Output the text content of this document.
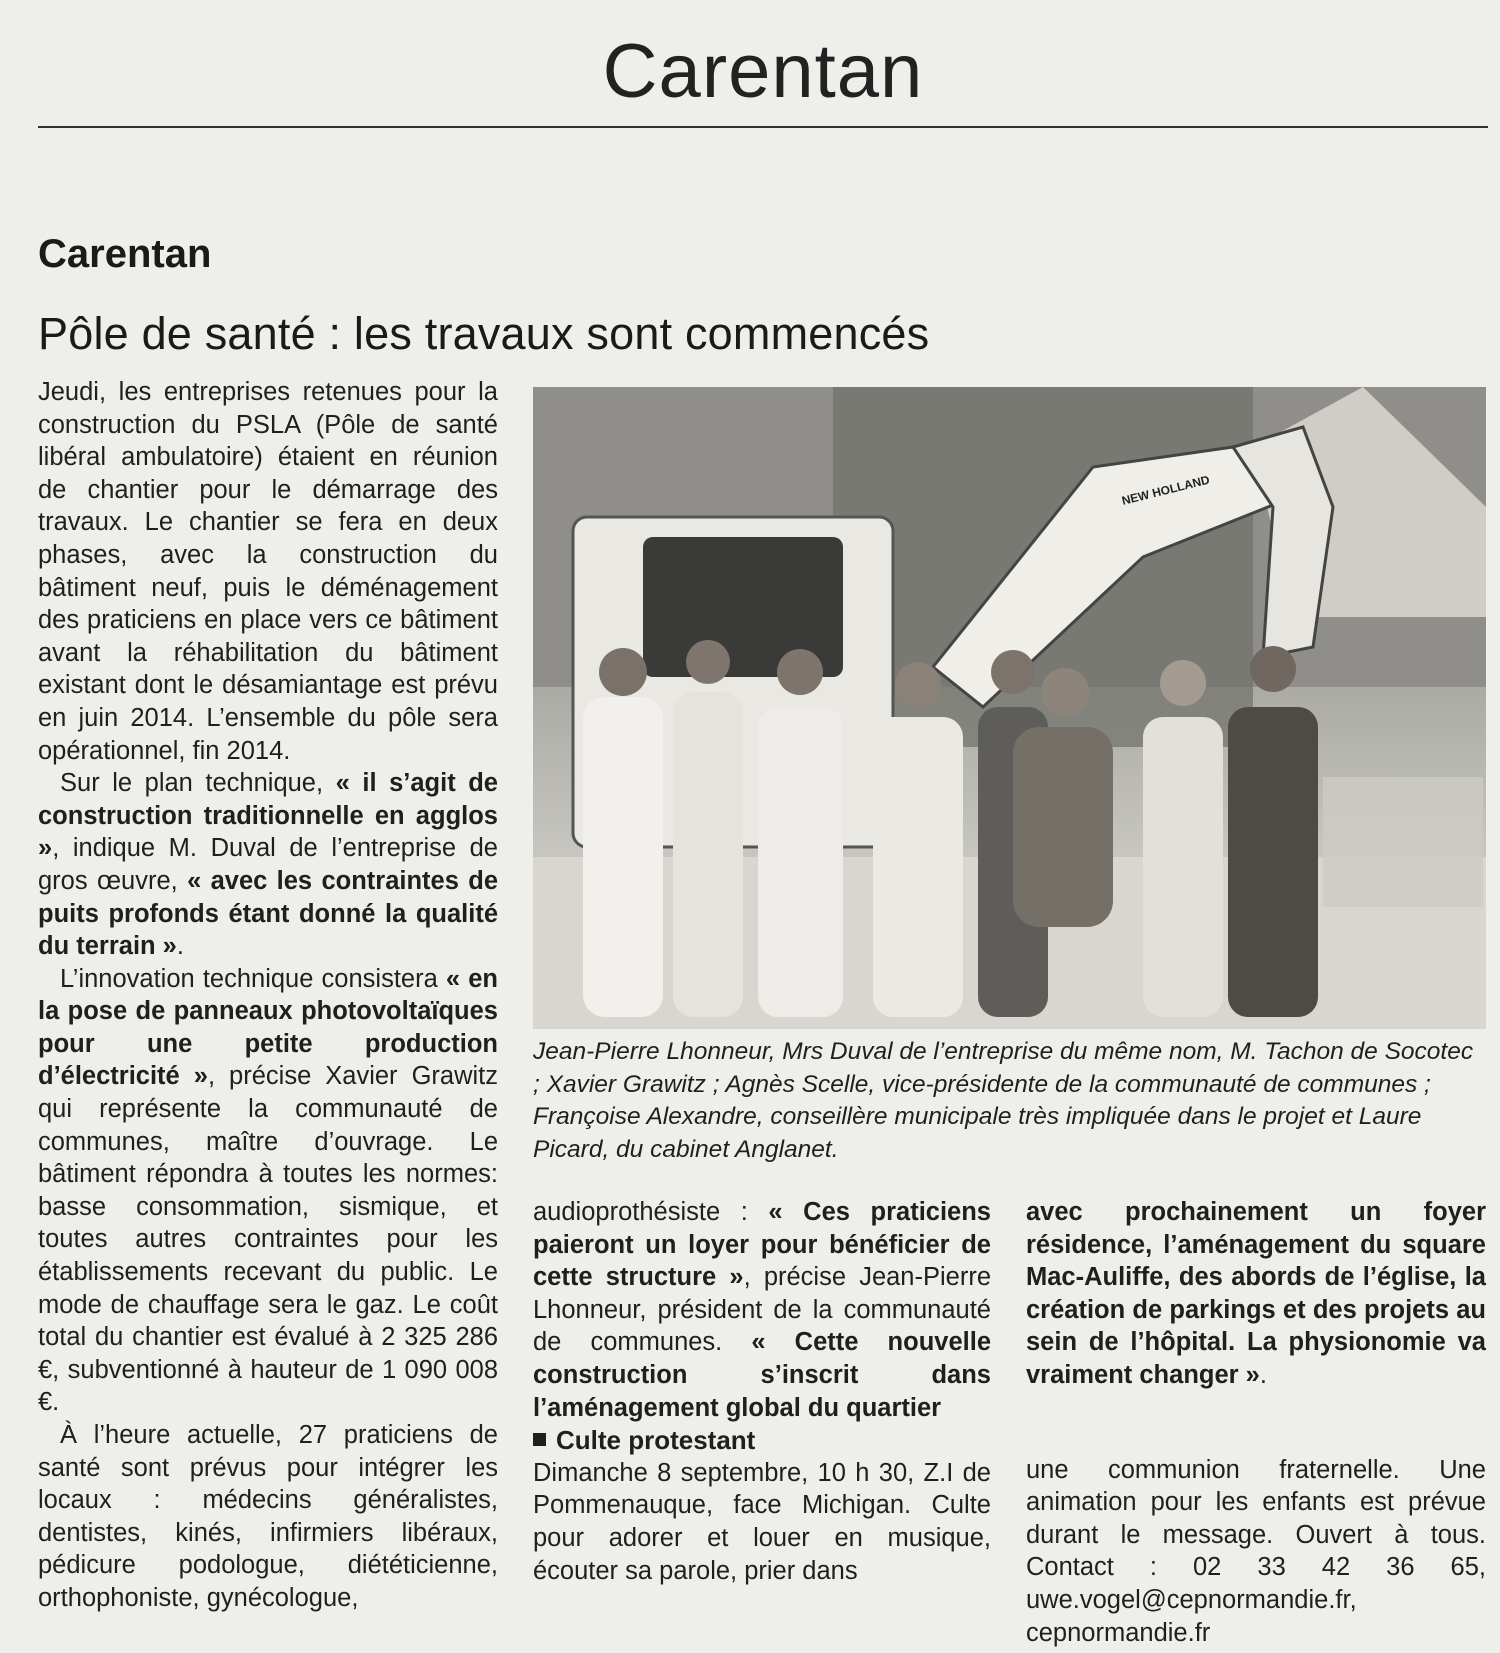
Carentan
Carentan
Pôle de santé : les travaux sont commencés

Jeudi, les entreprises retenues pour la construction du PSLA (Pôle de santé libéral ambulatoire) étaient en réunion de chantier pour le démarrage des travaux. Le chantier se fera en deux phases, avec la construction du bâtiment neuf, puis le déménagement des praticiens en place vers ce bâtiment avant la réhabilitation du bâtiment existant dont le désamiantage est prévu en juin 2014. L’ensemble du pôle sera opérationnel, fin 2014.

Sur le plan technique, « il s’agit de construction traditionnelle en agglos », indique M. Duval de l’entreprise de gros œuvre, « avec les contraintes de puits profonds étant donné la qualité du terrain ».

L’innovation technique consistera « en la pose de panneaux photovoltaïques pour une petite production d’électricité », précise Xavier Grawitz qui représente la communauté de communes, maître d’ouvrage. Le bâtiment répondra à toutes les normes: basse consommation, sismique, et toutes autres contraintes pour les établissements recevant du public. Le mode de chauffage sera le gaz. Le coût total du chantier est évalué à 2 325 286 €, subventionné à hauteur de 1 090 008 €.

À l’heure actuelle, 27 praticiens de santé sont prévus pour intégrer les locaux : médecins généralistes, dentistes, kinés, infirmiers libéraux, pédicure podologue, diététicienne, orthophoniste, gynécologue,

NEW HOLLAND
Jean-Pierre Lhonneur, Mrs Duval de l’entreprise du même nom, M. Tachon de Socotec ; Xavier Grawitz ; Agnès Scelle, vice-présidente de la communauté de communes ; Françoise Alexandre, conseillère municipale très impliquée dans le projet et Laure Picard, du cabinet Anglanet.

audioprothésiste : « Ces praticiens paieront un loyer pour bénéficier de cette structure », précise Jean-Pierre Lhonneur, président de la communauté de communes. « Cette nouvelle construction s’inscrit dans l’aménagement global du quartier

Culte protestant

Dimanche 8 septembre, 10 h 30, Z.I de Pommenauque, face Michigan. Culte pour adorer et louer en musique, écouter sa parole, prier dans

avec prochainement un foyer résidence, l’aménagement du square Mac-Auliffe, des abords de l’église, la création de parkings et des projets au sein de l’hôpital. La physionomie va vraiment changer ».

une communion fraternelle. Une animation pour les enfants est prévue durant le message. Ouvert à tous. Contact : 02 33 42 36 65, uwe.vogel@cepnormandie.fr, cepnormandie.fr
